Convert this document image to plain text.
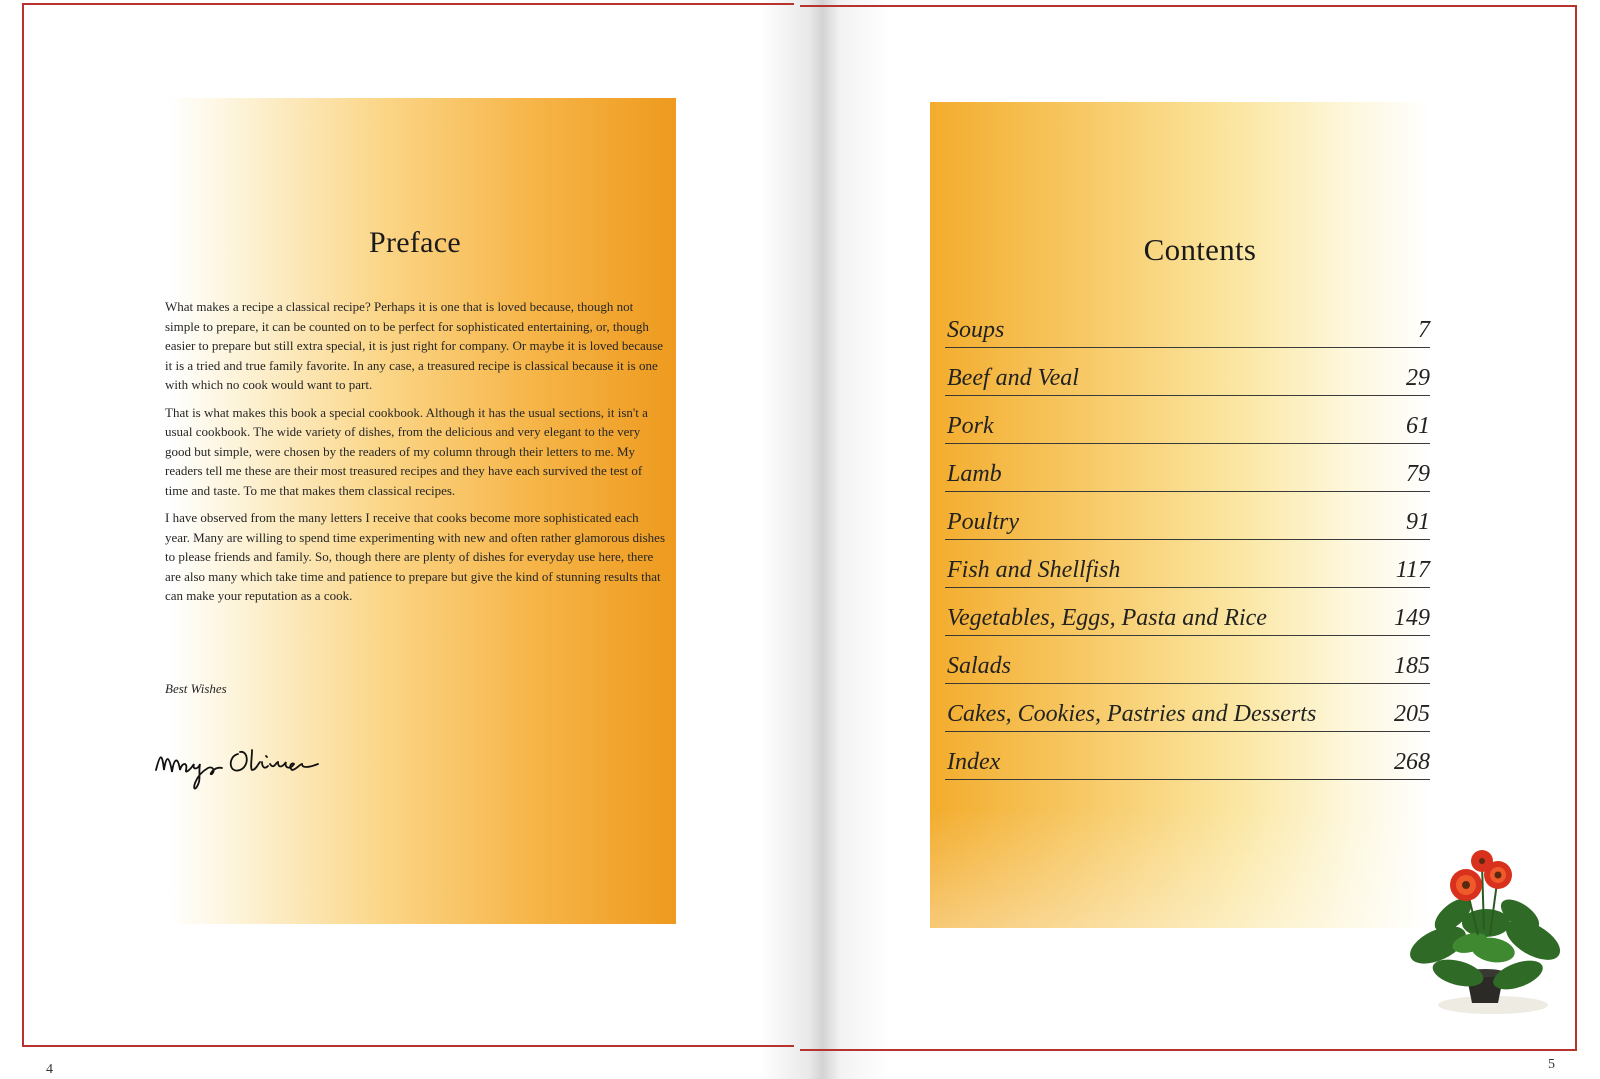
Preface

What makes a recipe a classical recipe? Perhaps it is one that is loved because, though not simple to prepare, it can be counted on to be perfect for sophisticated entertaining, or, though easier to prepare but still extra special, it is just right for company. Or maybe it is loved because it is a tried and true family favorite. In any case, a treasured recipe is classical because it is one with which no cook would want to part.

That is what makes this book a special cookbook. Although it has the usual sections, it isn't a usual cookbook. The wide variety of dishes, from the delicious and very elegant to the very good but simple, were chosen by the readers of my column through their letters to me. My readers tell me these are their most treasured recipes and they have each survived the test of time and taste. To me that makes them classical recipes.

I have observed from the many letters I receive that cooks become more sophisticated each year. Many are willing to spend time experimenting with new and often rather glamorous dishes to please friends and family. So, though there are plenty of dishes for everyday use here, there are also many which take time and patience to prepare but give the kind of stunning results that can make your reputation as a cook.

Best Wishes
4
Contents
Soups	7
Beef and Veal	29
Pork	61
Lamb	79
Poultry	91
Fish and Shellfish	117
Vegetables, Eggs, Pasta and Rice	149
Salads	185
Cakes, Cookies, Pastries and Desserts	205
Index	268
5
